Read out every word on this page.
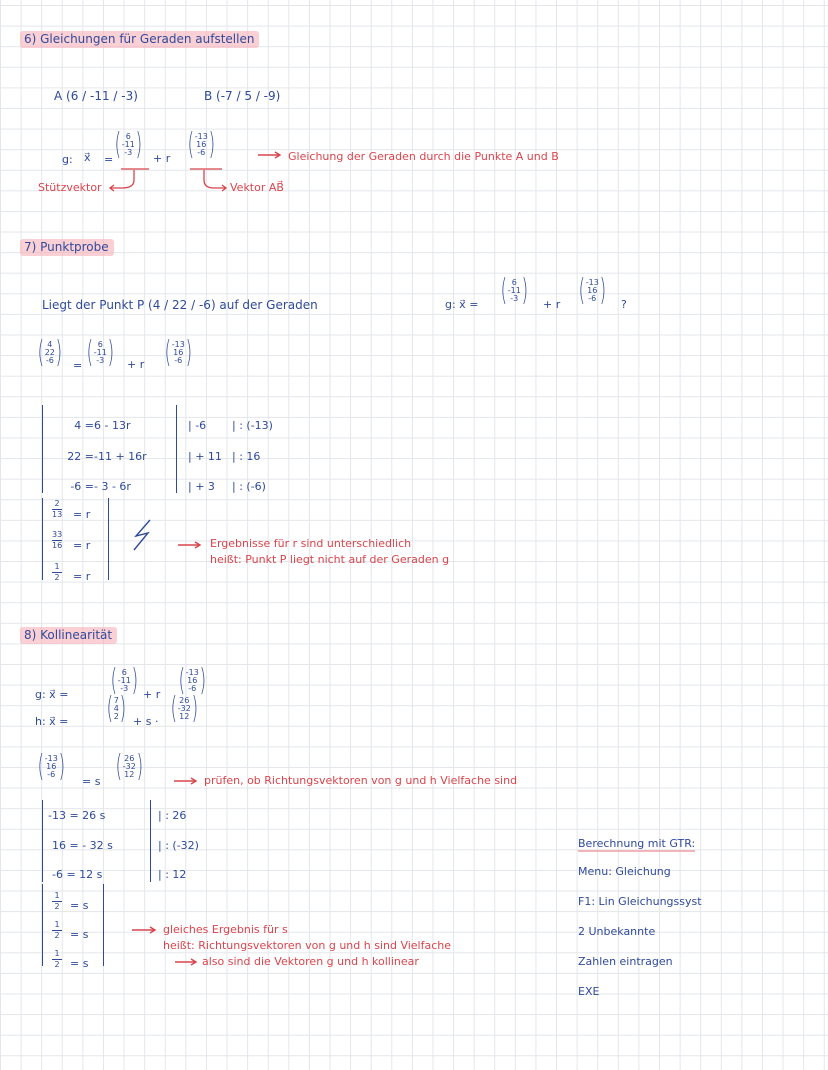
6) Gleichungen für Geraden aufstellen
A (6 / -11 / -3)	B (-7 / 5 / -9)
g: x⃗ = ( 6
-11
-3 ) + r ( -13
16
-6 )	Gleichung der Geraden durch die Punkte A und B
Stützvektor	Vektor AB⃗
7) Punktprobe
Liegt der Punkt P (4 / 22 / -6) auf der Geraden	g: x⃗ = ( 6
-11
-3 ) + r ( -13
16
-6 ) ?
( 4
22
-6 ) = ( 6
-11
-3 ) + r ( -13
16
-6 )
4 = 6 - 13r	| -6 | : (-13)
22 = -11 + 16r	| + 11 | : 16
-6 = - 3 - 6r	| + 3 | : (-6)
2
13 = r
33
16 = r
1
2 = r
Ergebnisse für r sind unterschiedlich
heißt: Punkt P liegt nicht auf der Geraden g
8) Kollinearität
g: x⃗ = ( 6
-11
-3 ) + r ( -13
16
-6 )
h: x⃗ = ( 7
4
2 ) + s · ( 26
-32
12 )
( -13
16
-6 ) = s ( 26
-32
12 )	prüfen, ob Richtungsvektoren von g und h Vielfache sind
-13 = 26 s	| : 26
16 = - 32 s	| : (-32)
-6 = 12 s	| : 12
1
2 = s
1
2 = s
1
2 = s
gleiches Ergebnis für s
heißt: Richtungsvektoren von g und h sind Vielfache
also sind die Vektoren g und h kollinear
Berechnung mit GTR:
Menu: Gleichung
F1: Lin Gleichungssyst
2 Unbekannte
Zahlen eintragen
EXE
